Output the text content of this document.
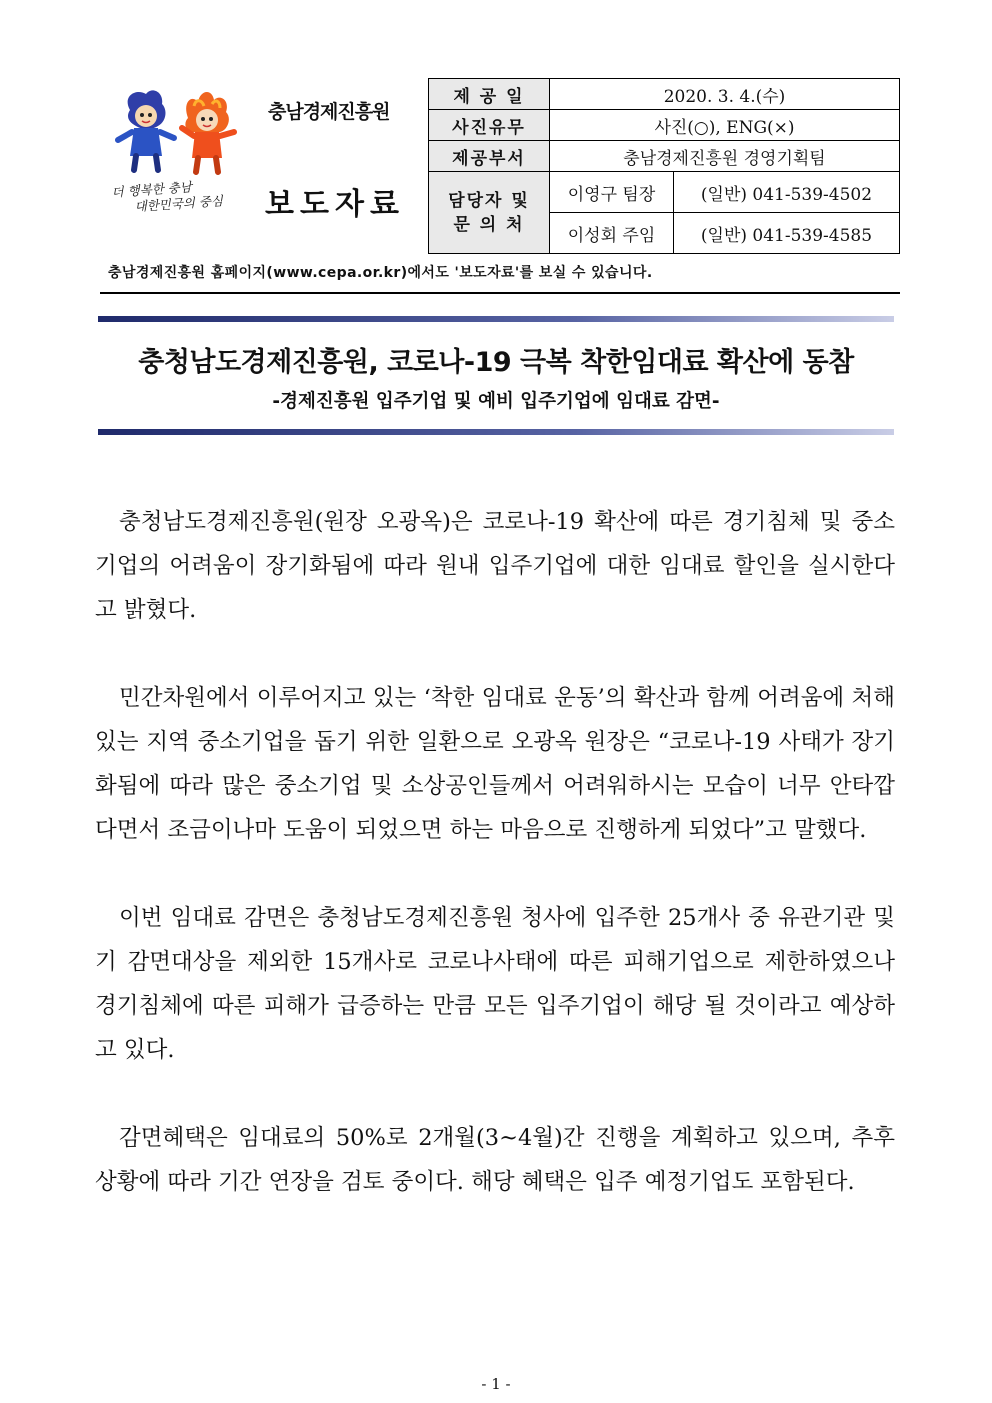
더 행복한 충남
대한민국의 중심
충남경제진흥원
보도자료
제 공 일	2020. 3. 4.(수)	
사진유무	사진(○), ENG(×)	
제공부서	충남경제진흥원 경영기획팀	

담당자 및
문 의 처	이영구 팀장	(일반) 041-539-4502
	이성회 주임	(일반) 041-539-4585
충남경제진흥원 홈페이지(www.cepa.or.kr)에서도 '보도자료'를 보실 수 있습니다.
충청남도경제진흥원, 코로나-19 극복 착한임대료 확산에 동참
-경제진흥원 입주기업 및 예비 입주기업에 임대료 감면-

충청남도경제진흥원(원장 오광옥)은 코로나-19 확산에 따른 경기침체 및 중소기업의 어려움이 장기화됨에 따라 원내 입주기업에 대한 임대료 할인을 실시한다고 밝혔다.

민간차원에서 이루어지고 있는 ‘착한 임대료 운동’의 확산과 함께 어려움에 처해있는 지역 중소기업을 돕기 위한 일환으로 오광옥 원장은 “코로나-19 사태가 장기화됨에 따라 많은 중소기업 및 소상공인들께서 어려워하시는 모습이 너무 안타깝다면서 조금이나마 도움이 되었으면 하는 마음으로 진행하게 되었다”고 말했다.

이번 임대료 감면은 충청남도경제진흥원 청사에 입주한 25개사 중 유관기관 및 기 감면대상을 제외한 15개사로 코로나사태에 따른 피해기업으로 제한하였으나 경기침체에 따른 피해가 급증하는 만큼 모든 입주기업이 해당 될 것이라고 예상하고 있다.

감면혜택은 임대료의 50%로 2개월(3~4월)간 진행을 계획하고 있으며, 추후 상황에 따라 기간 연장을 검토 중이다. 해당 혜택은 입주 예정기업도 포함된다.

- 1 -
